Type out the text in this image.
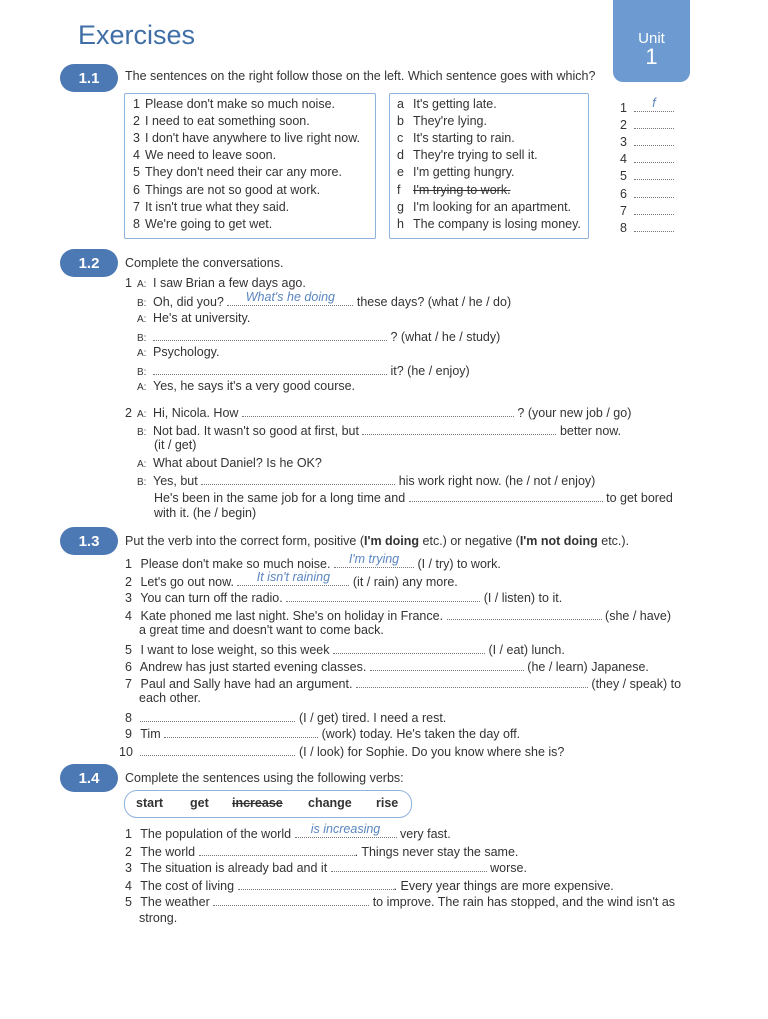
Exercises	Unit
1
1.1	The sentences on the right follow those on the left. Which sentence goes with which?
1 Please don't make so much noise.
2 I need to eat something soon.
3 I don't have anywhere to live right now.
4 We need to leave soon.
5 They don't need their car any more.
6 Things are not so good at work.
7 It isn't true what they said.
8 We're going to get wet.
a It's getting late.
b They're lying.
c It's starting to rain.
d They're trying to sell it.
e I'm getting hungry.
f I'm trying to work.
g I'm looking for an apartment.
h The company is losing money.
1	f
2
3
4
5
6
7
8
1.2	Complete the conversations.
1 A: I saw Brian a few days ago.
B: Oh, did you?	What's he doing	these days? (what / he / do)
A: He's at university.
B:	? (what / he / study)
A: Psychology.
B:	it? (he / enjoy)
A: Yes, he says it's a very good course.
2 A: Hi, Nicola. How	? (your new job / go)
B: Not bad. It wasn't so good at first, but	better now.
(it / get)
A: What about Daniel? Is he OK?
B: Yes, but	his work right now. (he / not / enjoy)
He's been in the same job for a long time and	to get bored
with it. (he / begin)
1.3	Put the verb into the correct form, positive (I'm doing etc.) or negative (I'm not doing etc.).
1 Please don't make so much noise.	I'm trying	(I / try) to work.
2 Let's go out now.	It isn't raining	(it / rain) any more.
3 You can turn off the radio.	(I / listen) to it.
4 Kate phoned me last night. She's on holiday in France.	(she / have)
a great time and doesn't want to come back.
5 I want to lose weight, so this week	(I / eat) lunch.
6 Andrew has just started evening classes.	(he / learn) Japanese.
7 Paul and Sally have had an argument.	(they / speak) to
each other.
8	(I / get) tired. I need a rest.
9 Tim	(work) today. He's taken the day off.
10	(I / look) for Sophie. Do you know where she is?
1.4	Complete the sentences using the following verbs:
start get increase change rise
1 The population of the world	is increasing	very fast.
2 The world	. Things never stay the same.
3 The situation is already bad and it	worse.
4 The cost of living	. Every year things are more expensive.
5 The weather	to improve. The rain has stopped, and the wind isn't as
strong.
